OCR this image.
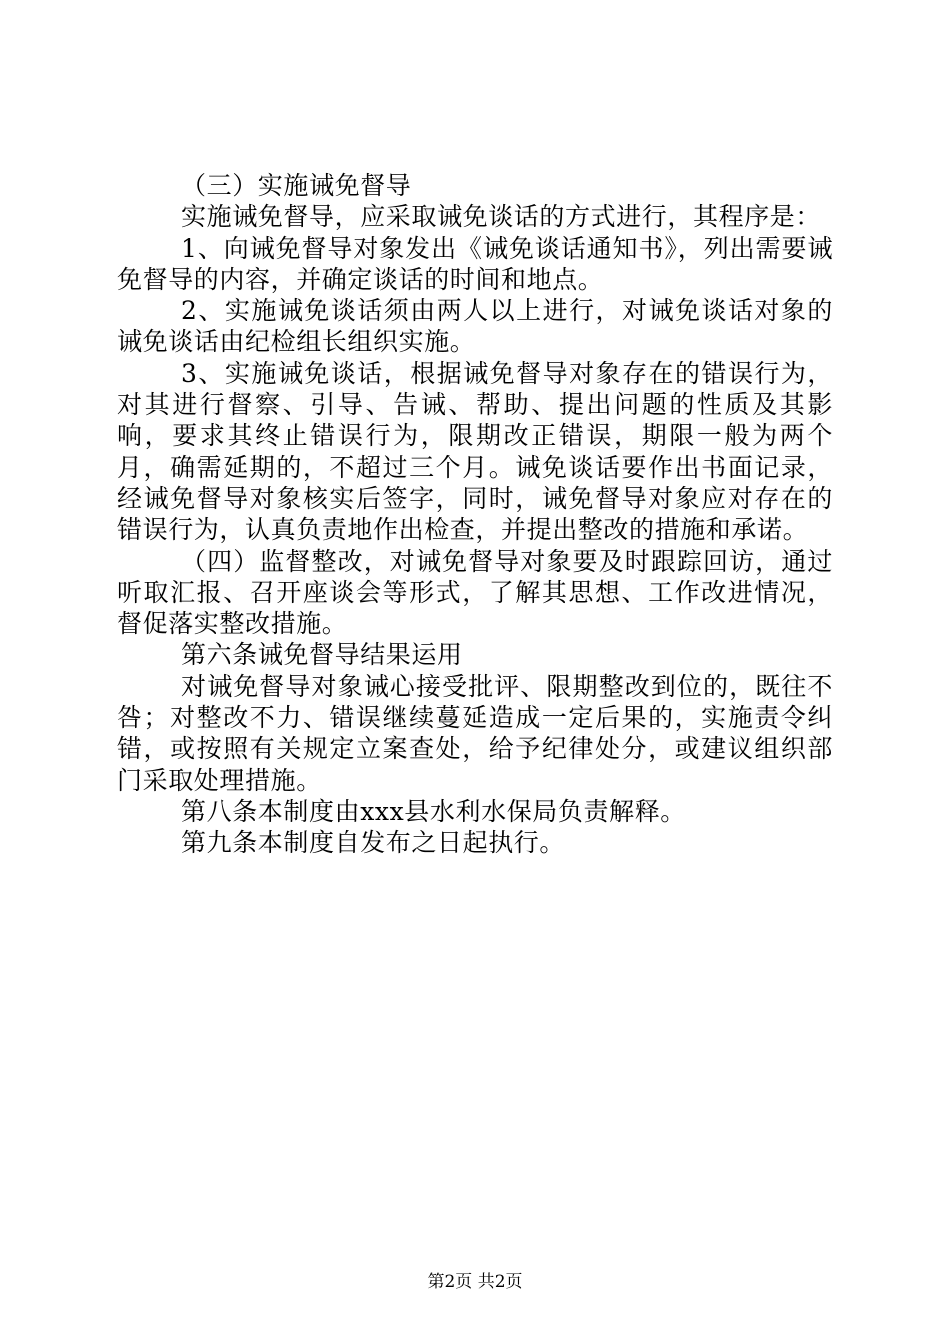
（三）实施诫免督导

实施诫免督导，应采取诫免谈话的方式进行，其程序是：

1、向诫免督导对象发出《诫免谈话通知书》，列出需要诫免督导的内容，并确定谈话的时间和地点。

2、实施诫免谈话须由两人以上进行，对诫免谈话对象的诫免谈话由纪检组长组织实施。

3、实施诫免谈话，根据诫免督导对象存在的错误行为，对其进行督察、引导、告诫、帮助、提出问题的性质及其影响，要求其终止错误行为，限期改正错误，期限一般为两个月，确需延期的，不超过三个月。诫免谈话要作出书面记录，经诫免督导对象核实后签字，同时，诫免督导对象应对存在的错误行为，认真负责地作出检查，并提出整改的措施和承诺。

（四）监督整改，对诫免督导对象要及时跟踪回访，通过听取汇报、召开座谈会等形式，了解其思想、工作改进情况，督促落实整改措施。

第六条诫免督导结果运用

对诫免督导对象诫心接受批评、限期整改到位的，既往不咎；对整改不力、错误继续蔓延造成一定后果的，实施责令纠错，或按照有关规定立案查处，给予纪律处分，或建议组织部门采取处理措施。

第八条本制度由xxx县水利水保局负责解释。

第九条本制度自发布之日起执行。

第2页 共2页
